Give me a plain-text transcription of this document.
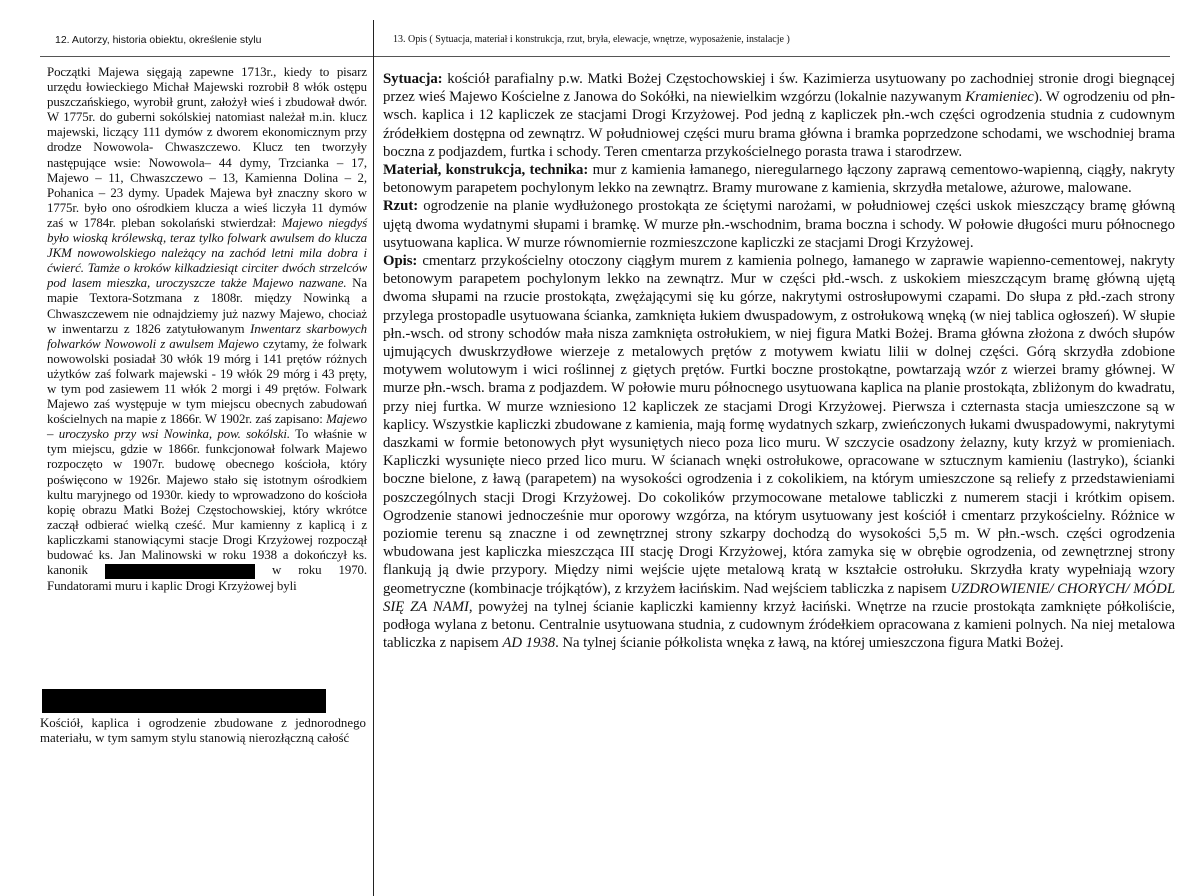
12. Autorzy, historia obiektu, określenie stylu	13. Opis ( Sytuacja, materiał i konstrukcja, rzut, bryła, elewacje, wnętrze, wyposażenie, instalacje )

Początki Majewa sięgają zapewne 1713r., kiedy to pisarz urzędu łowieckiego Michał Majewski rozrobił 8 włók ostępu puszczańskiego, wyrobił grunt, założył wieś i zbudował dwór. W 1775r. do guberni sokólskiej natomiast należał m.in. klucz majewski, liczący 111 dymów z dworem ekonomicznym przy drodze Nowowola- Chwaszczewo. Klucz ten tworzyły następujące wsie: Nowowola– 44 dymy, Trzcianka – 17, Majewo – 11, Chwaszczewo – 13, Kamienna Dolina – 2, Pohanica – 23 dymy. Upadek Majewa był znaczny skoro w 1775r. było ono ośrodkiem klucza a wieś liczyła 11 dymów zaś w 1784r. pleban sokolański stwierdzał: Majewo niegdyś było wioską królewską, teraz tylko folwark awulsem do klucza JKM nowowolskiego należący na zachód letni mila dobra i ćwierć. Tamże o kroków kilkadziesiąt circiter dwóch strzelców pod lasem mieszka, uroczyszcze także Majewo nazwane. Na mapie Textora-Sotzmana z 1808r. między Nowinką a Chwaszczewem nie odnajdziemy już nazwy Majewo, chociaż w inwentarzu z 1826 zatytułowanym Inwentarz skarbowych folwarków Nowowoli z awulsem Majewo czytamy, że folwark nowowolski posiadał 30 włók 19 mórg i 141 prętów różnych użytków zaś folwark majewski - 19 włók 29 mórg i 43 pręty, w tym pod zasiewem 11 włók 2 morgi i 49 prętów. Folwark Majewo zaś występuje w tym miejscu obecnych zabudowań kościelnych na mapie z 1866r. W 1902r. zaś zapisano: Majewo – uroczysko przy wsi Nowinka, pow. sokólski. To właśnie w tym miejscu, gdzie w 1866r. funkcjonował folwark Majewo rozpoczęto w 1907r. budowę obecnego kościoła, który poświęcono w 1926r. Majewo stało się istotnym ośrodkiem kultu maryjnego od 1930r. kiedy to wprowadzono do kościoła kopię obrazu Matki Bożej Częstochowskiej, który wkrótce zaczął odbierać wielką cześć. Mur kamienny z kaplicą i z kapliczkami stanowiącymi stacje Drogi Krzyżowej rozpoczął budować ks. Jan Malinowski w roku 1938 a dokończył ks. kanonik	w roku 1970. Fundatorami muru i kaplic Drogi Krzyżowej byli

Kościół, kaplica i ogrodzenie zbudowane z jednorodnego materiału, w tym samym stylu stanowią nierozłączną całość

Sytuacja: kościół parafialny p.w. Matki Bożej Częstochowskiej i św. Kazimierza usytuowany po zachodniej stronie drogi biegnącej przez wieś Majewo Kościelne z Janowa do Sokółki, na niewielkim wzgórzu (lokalnie nazywanym Kramieniec). W ogrodzeniu od płn-wsch. kaplica i 12 kapliczek ze stacjami Drogi Krzyżowej. Pod jedną z kapliczek płn.-wch części ogrodzenia studnia z cudownym źródełkiem dostępna od zewnątrz. W południowej części muru brama główna i bramka poprzedzone schodami, we wschodniej brama boczna z podjazdem, furtka i schody. Teren cmentarza przykościelnego porasta trawa i starodrzew.

Materiał, konstrukcja, technika: mur z kamienia łamanego, nieregularnego łączony zaprawą cementowo-wapienną, ciągły, nakryty betonowym parapetem pochylonym lekko na zewnątrz. Bramy murowane z kamienia, skrzydła metalowe, ażurowe, malowane.

Rzut: ogrodzenie na planie wydłużonego prostokąta ze ściętymi narożami, w południowej części uskok mieszczący bramę główną ujętą dwoma wydatnymi słupami i bramkę. W murze płn.-wschodnim, brama boczna i schody. W połowie długości muru północnego usytuowana kaplica. W murze równomiernie rozmieszczone kapliczki ze stacjami Drogi Krzyżowej.

Opis: cmentarz przykościelny otoczony ciągłym murem z kamienia polnego, łamanego w zaprawie wapienno-cementowej, nakryty betonowym parapetem pochylonym lekko na zewnątrz. Mur w części płd.-wsch. z uskokiem mieszczącym bramę główną ujętą dwoma słupami na rzucie prostokąta, zwężającymi się ku górze, nakrytymi ostrosłupowymi czapami. Do słupa z płd.-zach strony przylega prostopadle usytuowana ścianka, zamknięta łukiem dwuspadowym, z ostrołukową wnęką (w niej tablica ogłoszeń). W słupie płn.-wsch. od strony schodów mała nisza zamknięta ostrołukiem, w niej figura Matki Bożej. Brama główna złożona z dwóch słupów ujmujących dwuskrzydłowe wierzeje z metalowych prętów z motywem kwiatu lilii w dolnej części. Górą skrzydła zdobione motywem wolutowym i wici roślinnej z giętych prętów. Furtki boczne prostokątne, powtarzają wzór z wierzei bramy głównej. W murze płn.-wsch. brama z podjazdem. W połowie muru północnego usytuowana kaplica na planie prostokąta, zbliżonym do kwadratu, przy niej furtka. W murze wzniesiono 12 kapliczek ze stacjami Drogi Krzyżowej. Pierwsza i czternasta stacja umieszczone są w kaplicy. Wszystkie kapliczki zbudowane z kamienia, mają formę wydatnych szkarp, zwieńczonych łukami dwuspadowymi, nakrytymi daszkami w formie betonowych płyt wysuniętych nieco poza lico muru. W szczycie osadzony żelazny, kuty krzyż w promieniach. Kapliczki wysunięte nieco przed lico muru. W ścianach wnęki ostrołukowe, opracowane w sztucznym kamieniu (lastryko), ścianki boczne bielone, z ławą (parapetem) na wysokości ogrodzenia i z cokolikiem, na którym umieszczone są reliefy z przedstawieniami poszczególnych stacji Drogi Krzyżowej. Do cokolików przymocowane metalowe tabliczki z numerem stacji i krótkim opisem. Ogrodzenie stanowi jednocześnie mur oporowy wzgórza, na którym usytuowany jest kościół i cmentarz przykościelny. Różnice w poziomie terenu są znaczne i od zewnętrznej strony szkarpy dochodzą do wysokości 5,5 m. W płn.-wsch. części ogrodzenia wbudowana jest kapliczka mieszcząca III stację Drogi Krzyżowej, która zamyka się w obrębie ogrodzenia, od zewnętrznej strony flankują ją dwie przypory. Między nimi wejście ujęte metalową kratą w kształcie ostrołuku. Skrzydła kraty wypełniają wzory geometryczne (kombinacje trójkątów), z krzyżem łacińskim. Nad wejściem tabliczka z napisem UZDROWIENIE/ CHORYCH/ MÓDL SIĘ ZA NAMI, powyżej na tylnej ścianie kapliczki kamienny krzyż łaciński. Wnętrze na rzucie prostokąta zamknięte półkoliście, podłoga wylana z betonu. Centralnie usytuowana studnia, z cudownym źródełkiem opracowana z kamieni polnych. Na niej metalowa tabliczka z napisem AD 1938. Na tylnej ścianie półkolista wnęka z ławą, na której umieszczona figura Matki Bożej.
